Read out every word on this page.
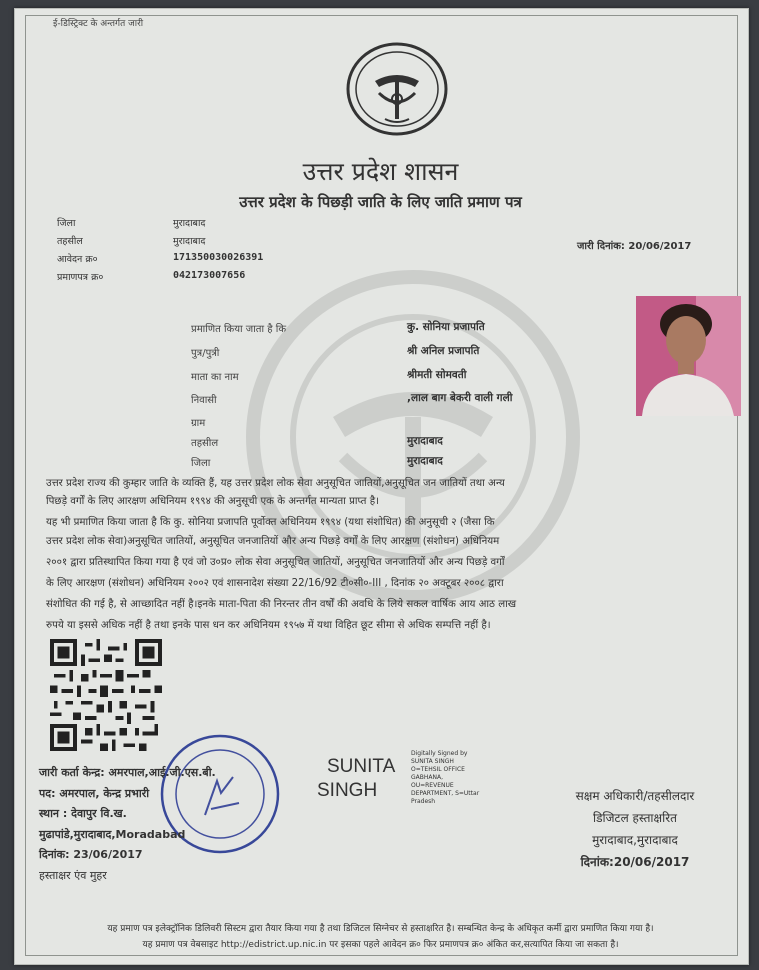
ई-डिस्ट्रिक्ट के अन्तर्गत जारी
उत्तर प्रदेश शासन
उत्तर प्रदेश के पिछड़ी जाति के लिए जाति प्रमाण पत्र
जिला	मुरादाबाद
तहसील	मुरादाबाद
आवेदन क्र०	171350030026391
प्रमाणपत्र क्र०	042173007656
जारी दिनांक: 20/06/2017
प्रमाणित किया जाता है कि	कु. सोनिया प्रजापति
पुत्र/पुत्री	श्री अनिल प्रजापति
माता का नाम	श्रीमती सोमवती
निवासी	,लाल बाग बेकरी वाली गली
ग्राम
तहसील	मुरादाबाद
जिला	मुरादाबाद
उत्तर प्रदेश राज्य की कुम्हार जाति के व्यक्ति हैं, यह उत्तर प्रदेश लोक सेवा अनुसूचित जातियों,अनुसूचित जन जातियों तथा अन्य
पिछड़े वर्गों के लिए आरक्षण अधिनियम १९९४ की अनुसूची एक के अन्तर्गत मान्यता प्राप्त है।
यह भी प्रमाणित किया जाता है कि कु. सोनिया प्रजापति पूर्वोक्त अधिनियम १९९४ (यथा संशोधित) की अनुसूची २ (जैसा कि
उत्तर प्रदेश लोक सेवा)अनुसूचित जातियों, अनुसूचित जनजातियों और अन्य पिछड़े वर्गों के लिए आरक्षण (संशोधन) अधिनियम
२००१ द्वारा प्रतिस्थापित किया गया है एवं जो उ०प्र० लोक सेवा अनुसूचित जातियों, अनुसूचित जनजातियों और अन्य पिछड़े वर्गों
के लिए आरक्षण (संशोधन) अधिनियम २००२ एवं शासनादेश संख्या 22/16/92 टी०सी०-III , दिनांक २० अक्टूबर २००८ द्वारा
संशोधित की गई है, से आच्छादित नहीं है।इनके माता-पिता की निरन्तर तीन वर्षों की अवधि के लिये सकल वार्षिक आय आठ लाख
रुपये या इससे अधिक नहीं है तथा इनके पास धन कर अधिनियम १९५७ में यथा विहित छूट सीमा से अधिक सम्पत्ति नहीं है।
जारी कर्ता केन्द्र: अमरपाल,आई.जी.एस.बी.
पद: अमरपाल, केन्द्र प्रभारी
स्थान : देवापुर वि.ख.
मुढापांडे,मुरादाबाद,Moradabad
दिनांक: 23/06/2017
हस्ताक्षर एंव मुहर
SUNITA
SINGH
Digitally Signed by
SUNITA SINGH
O=TEHSIL OFFICE
GABHANA,
OU=REVENUE
DEPARTMENT, S=Uttar
Pradesh	सक्षम अधिकारी/तहसीलदार
डिजिटल हस्ताक्षरित
मुरादाबाद,मुरादाबाद
दिनांक:20/06/2017
यह प्रमाण पत्र इलेक्ट्रॉनिक डिलिवरी सिस्टम द्वारा तैयार किया गया है तथा डिजिटल सिग्नेचर से हस्ताक्षरित है। सम्बन्धित केन्द्र के अधिकृत कर्मी द्वारा प्रमाणित किया गया है।
यह प्रमाण पत्र वेबसाइट http://edistrict.up.nic.in पर इसका पहले आवेदन क्र० फिर प्रमाणपत्र क्र० अंकित कर,सत्यापित किया जा सकता है।
